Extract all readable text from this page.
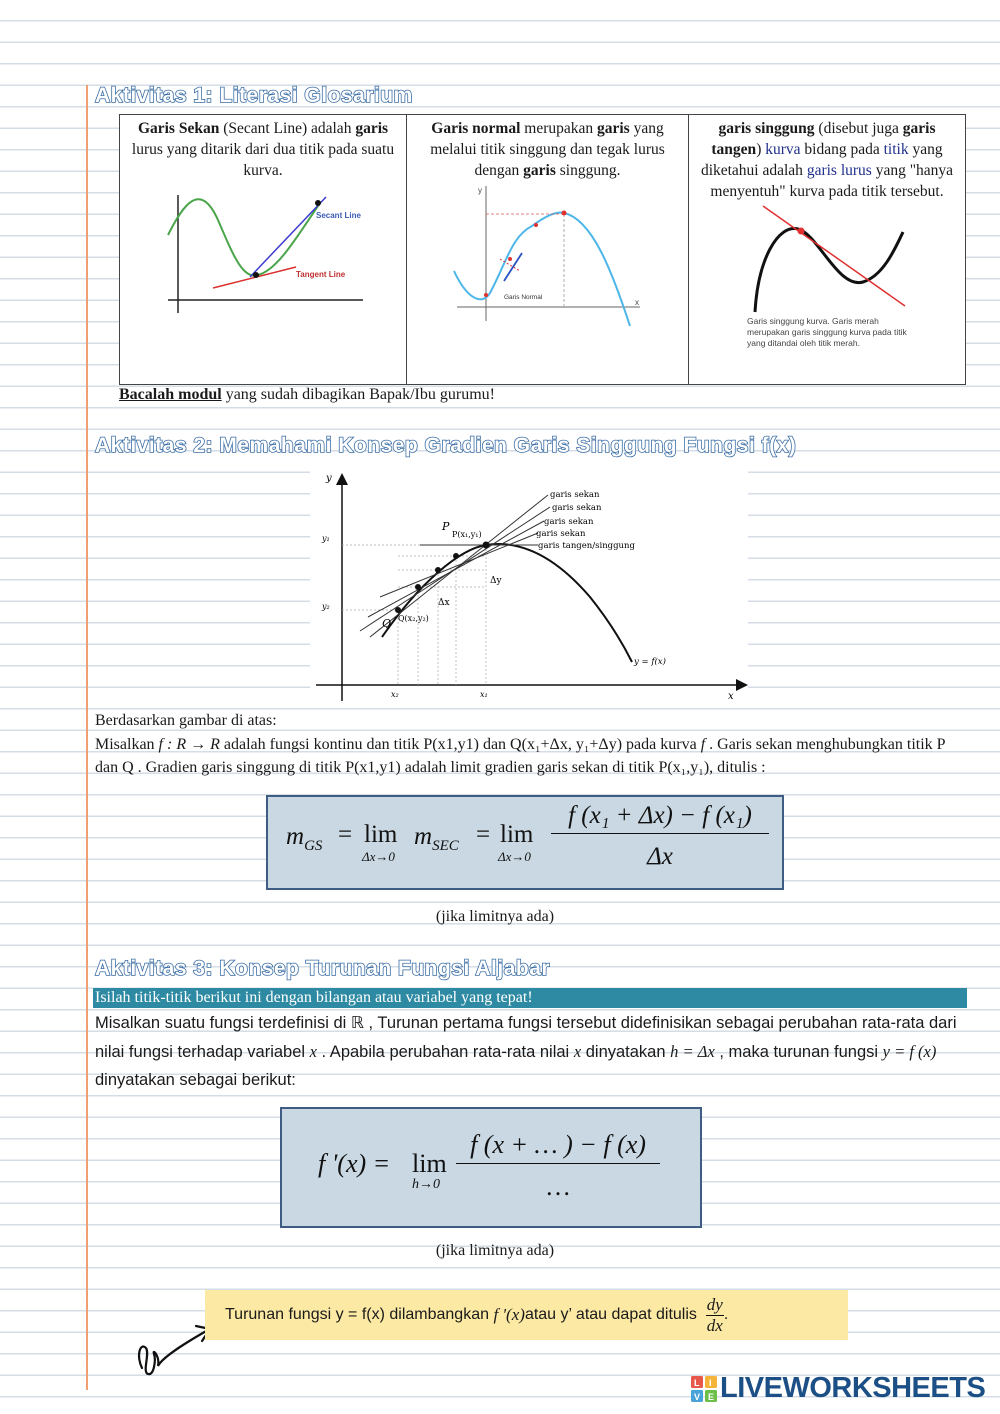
Aktivitas 1: Literasi Glosarium
Garis Sekan (Secant Line) adalah garis lurus yang ditarik dari dua titik pada suatu kurva.
Secant Line
Tangent Line

Garis normal merupakan garis yang melalui titik singgung dan tegak lurus dengan garis singgung.
y
x
Garis Normal

garis singgung (disebut juga garis tangen) kurva bidang pada titik yang diketahui adalah garis lurus yang "hanya menyentuh" kurva pada titik tersebut.
Garis singgung kurva. Garis merah merupakan garis singgung kurva pada titik yang ditandai oleh titik merah.

Bacalah modul yang sudah dibagikan Bapak/Ibu gurumu!

Aktivitas 2: Memahami Konsep Gradien Garis Singgung Fungsi f(x)
y
x
y₁
y₂
x₂	x₁
garis sekan
garis sekan
garis sekan
garis sekan
garis tangen/singgung
P
P(x₁,y₁)
Q Q(x₂,y₂)
Δx
Δy
y = f(x)

Berdasarkan gambar di atas:

Misalkan f : R → R adalah fungsi kontinu dan titik P(x1,y1) dan Q(x₁+Δx, y₁+Δy) pada kurva f . Garis sekan menghubungkan titik P dan Q . Gradien garis singgung di titik P(x1,y1) adalah limit gradien garis sekan di titik P(x₁,y₁), ditulis :

$m_{GS} = \lim$
Δx→0
$m_{SEC} = \lim$
Δx→0
f (x₁ + Δx) − f (x₁)
Δx

(jika limitnya ada)

Aktivitas 3: Konsep Turunan Fungsi Aljabar
Isilah titik-titik berikut ini dengan bilangan atau variabel yang tepat!

Misalkan suatu fungsi terdefinisi di ℝ , Turunan pertama fungsi tersebut didefinisikan sebagai perubahan rata-rata dari nilai fungsi terhadap variabel x . Apabila perubahan rata-rata nilai x dinyatakan h = Δx , maka turunan fungsi y = f (x) dinyatakan sebagai berikut:

f '(x) = lim
h→0
f (x + … ) − f (x)
…

(jika limitnya ada)

Turunan fungsi y = f(x) dilambangkan
f '(x) atau y’ atau dapat ditulis
$\frac{dy}{dx}$ .
L I
V E LIVEWORKSHEETS
